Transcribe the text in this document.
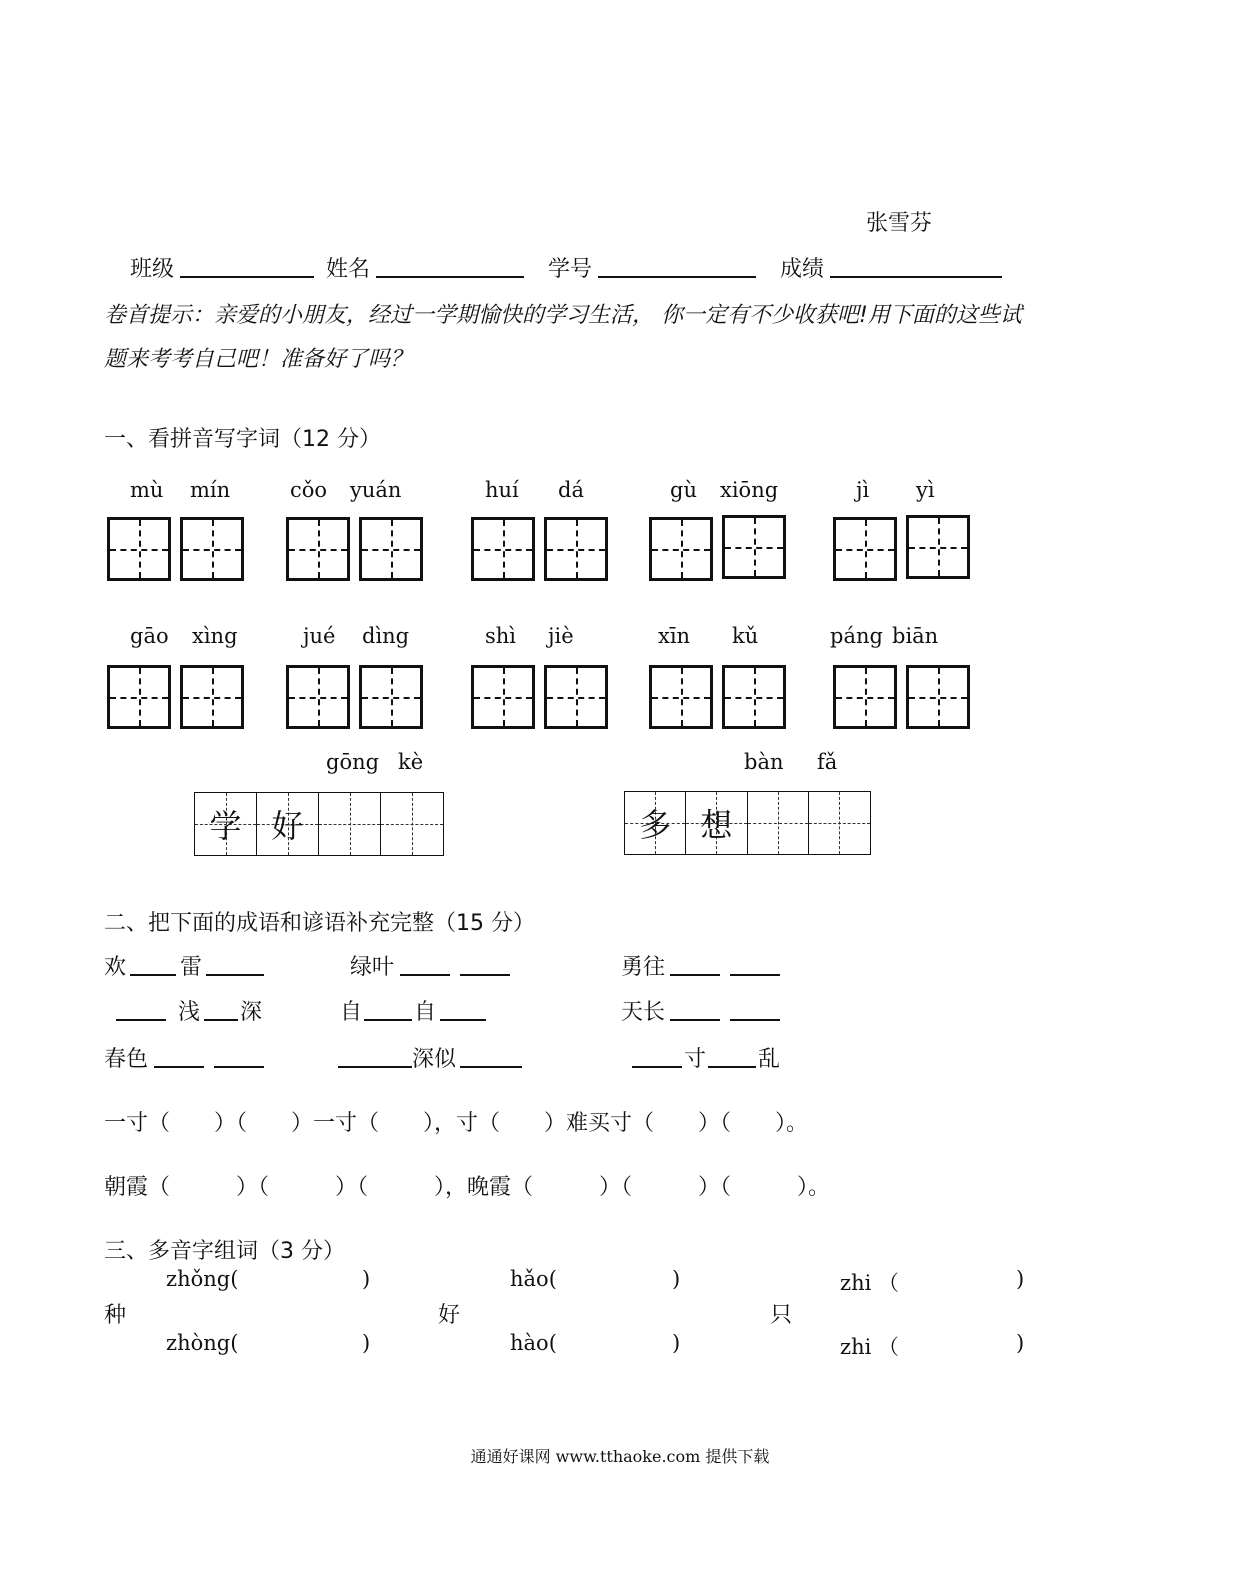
张雪芬
班级	姓名	学号	成绩
卷首提示：亲爱的小朋友，经过一学期愉快的学习生活， 你一定有不少收获吧!用下面的这些试
题来考考自己吧！准备好了吗？
一、看拼音写字词（12 分）
mù mín	cǒo yuán	huí dá	gù xiōng	jì yì
gāo xìng	jué dìng	shì jiè	xīn kǔ	páng biān
gōng kè	bàn fǎ
学 好	多 想
二、把下面的成语和谚语补充完整（15 分）
欢 雷	绿叶	勇往
浅 深	自 自	天长
春色	深似	寸 乱
一寸（　　）（　　）一寸（　　），寸（　　）难买寸（　　）（　　）。
朝霞（　　　）（　　　）（　　　），晚霞（　　　）（　　　）（　　　）。
三、多音字组词（3 分）
zhǒng(	)
种
zhòng(	)
hǎo(	)
好
hào(	)
zhi （	)
只
zhi （	)
通通好课网 www.tthaoke.com 提供下载
